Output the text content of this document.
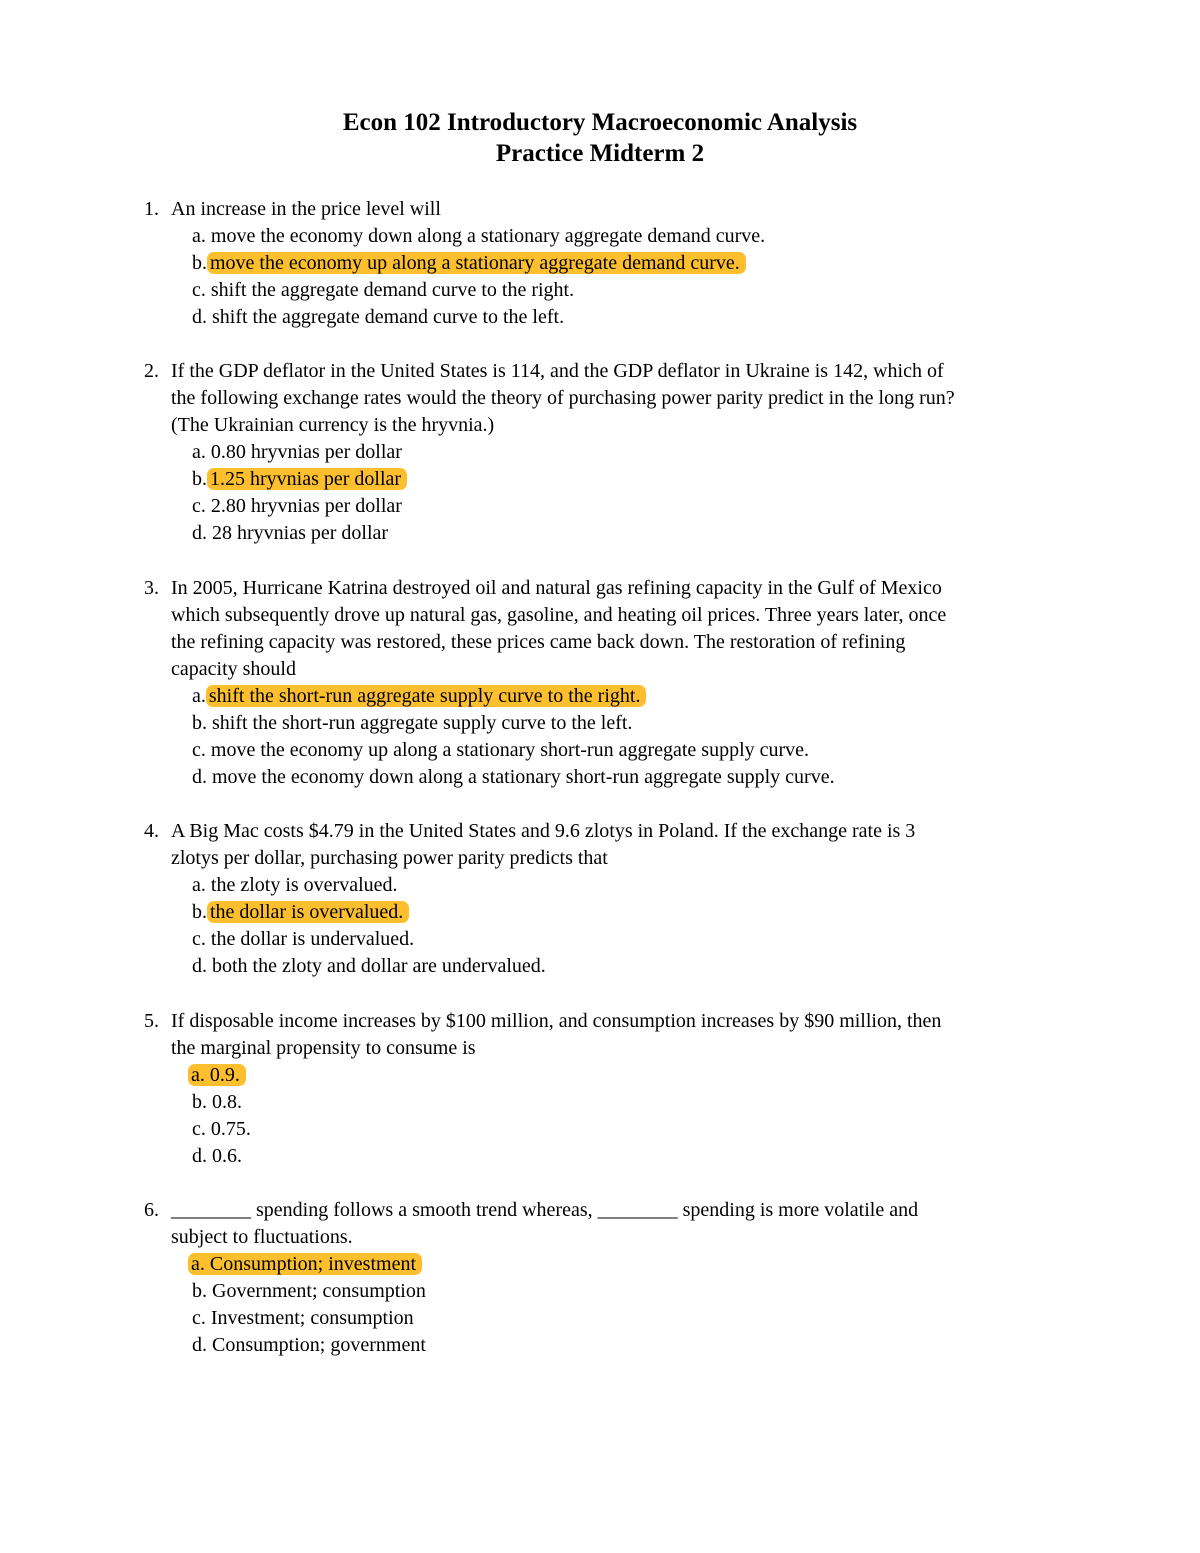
Econ 102 Introductory Macroeconomic Analysis
Practice Midterm 2
1. An increase in the price level will
a. move the economy down along a stationary aggregate demand curve.
b. move the economy up along a stationary aggregate demand curve.
c. shift the aggregate demand curve to the right.
d. shift the aggregate demand curve to the left.
2. If the GDP deflator in the United States is 114, and the GDP deflator in Ukraine is 142, which of
the following exchange rates would the theory of purchasing power parity predict in the long run?
(The Ukrainian currency is the hryvnia.)
a. 0.80 hryvnias per dollar
b. 1.25 hryvnias per dollar
c. 2.80 hryvnias per dollar
d. 28 hryvnias per dollar
3. In 2005, Hurricane Katrina destroyed oil and natural gas refining capacity in the Gulf of Mexico
which subsequently drove up natural gas, gasoline, and heating oil prices. Three years later, once
the refining capacity was restored, these prices came back down. The restoration of refining
capacity should
a. shift the short-run aggregate supply curve to the right.
b. shift the short-run aggregate supply curve to the left.
c. move the economy up along a stationary short-run aggregate supply curve.
d. move the economy down along a stationary short-run aggregate supply curve.
4. A Big Mac costs $4.79 in the United States and 9.6 zlotys in Poland. If the exchange rate is 3
zlotys per dollar, purchasing power parity predicts that
a. the zloty is overvalued.
b. the dollar is overvalued.
c. the dollar is undervalued.
d. both the zloty and dollar are undervalued.
5. If disposable income increases by $100 million, and consumption increases by $90 million, then
the marginal propensity to consume is
a. 0.9.
b. 0.8.
c. 0.75.
d. 0.6.
6. ________ spending follows a smooth trend whereas, ________ spending is more volatile and
subject to fluctuations.
a. Consumption; investment
b. Government; consumption
c. Investment; consumption
d. Consumption; government
